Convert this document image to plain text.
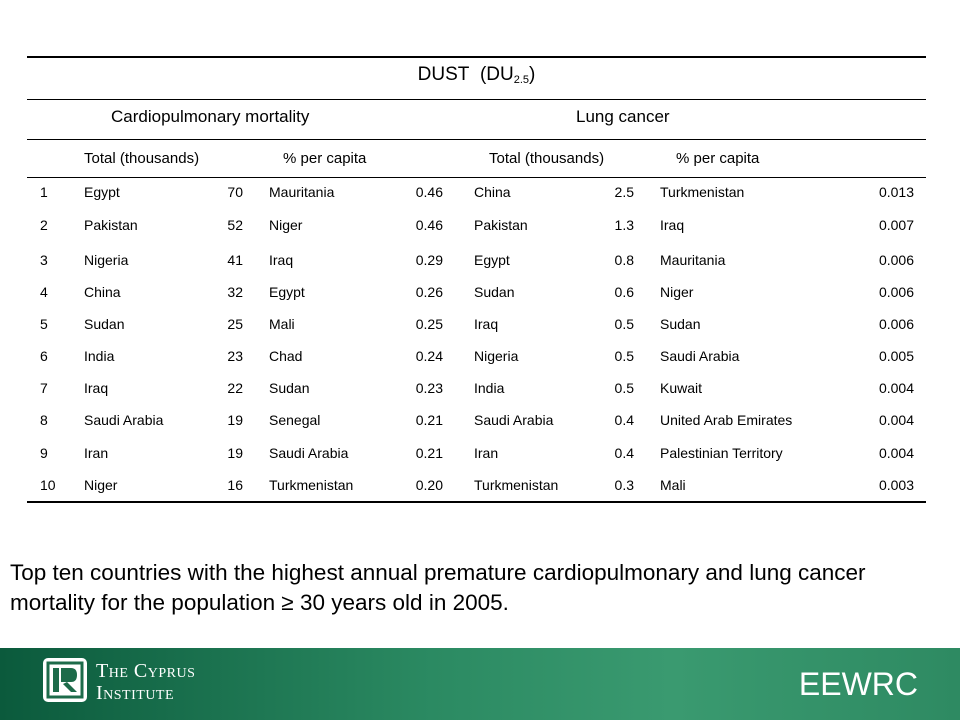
DUST $(DU_{2.5})$
Cardiopulmonary mortality	Lung cancer
Total (thousands)	% per capita	Total (thousands)	% per capita
1	Egypt	70 Mauritania	0.46 China	2.5 Turkmenistan	0.013
2	Pakistan	52 Niger	0.46 Pakistan	1.3 Iraq	0.007
3	Nigeria	41 Iraq	0.29 Egypt	0.8 Mauritania	0.006
4	China	32 Egypt	0.26 Sudan	0.6 Niger	0.006
5	Sudan	25 Mali	0.25 Iraq	0.5 Sudan	0.006
6	India	23 Chad	0.24 Nigeria	0.5 Saudi Arabia	0.005
7	Iraq	22 Sudan	0.23 India	0.5 Kuwait	0.004
8	Saudi Arabia	19 Senegal	0.21 Saudi Arabia	0.4 United Arab Emirates	0.004
9	Iran	19 Saudi Arabia	0.21 Iran	0.4 Palestinian Territory	0.004
10 Niger	16 Turkmenistan	0.20 Turkmenistan	0.3 Mali	0.003
Top ten countries with the highest annual premature cardiopulmonary and lung cancer mortality for the population ≥ 30 years old in 2005.
The Cyprus
Institute	EEWRC
